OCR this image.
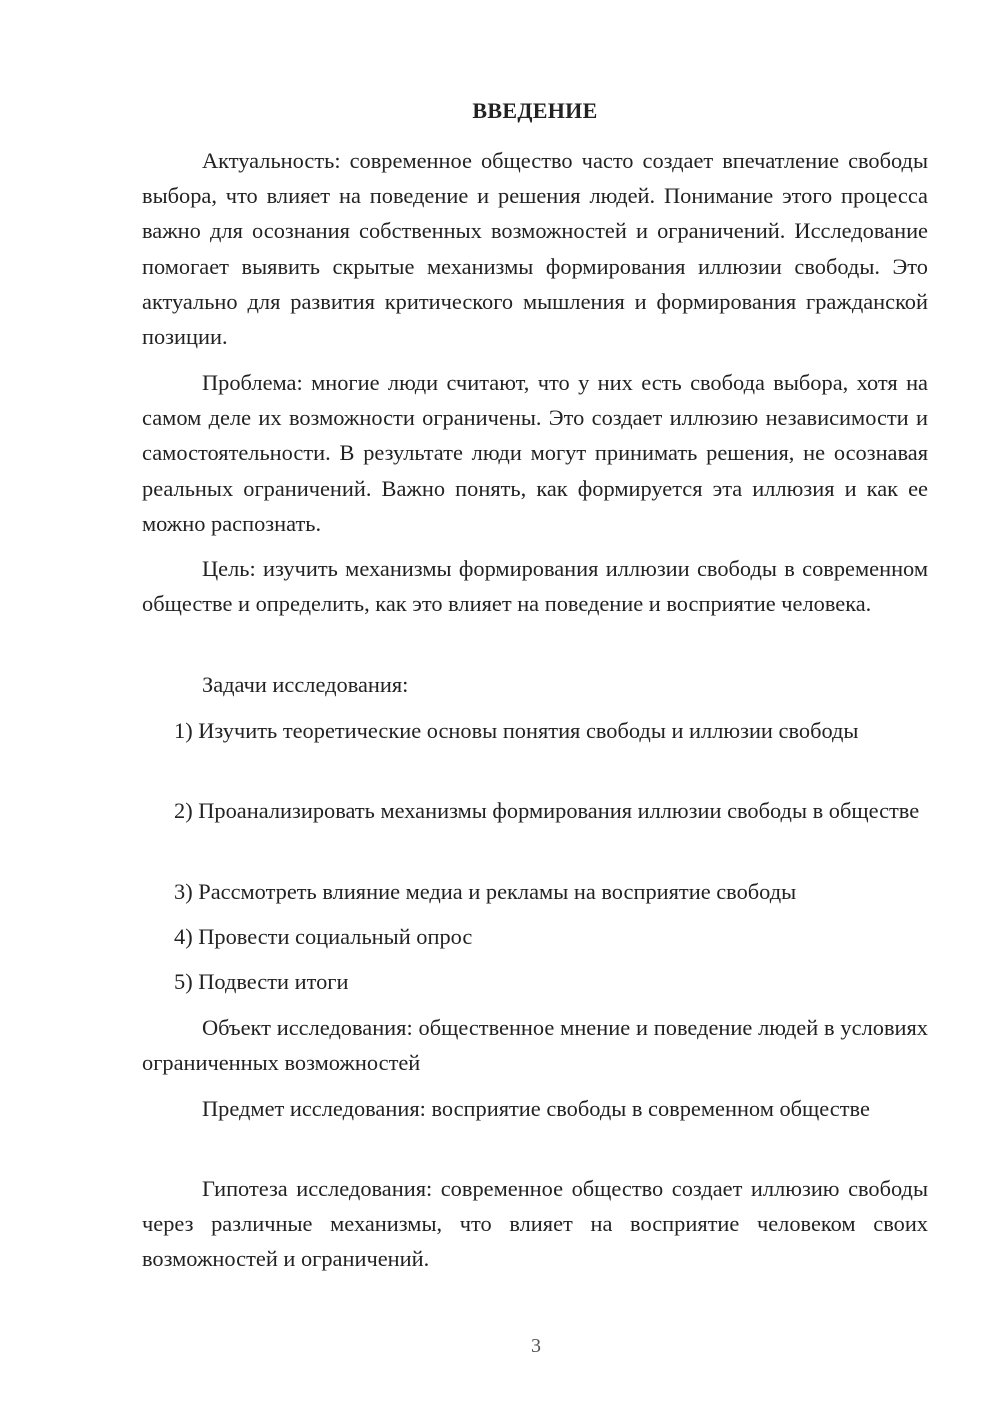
ВВЕДЕНИЕ

Актуальность: современное общество часто создает впечатление свободы выбора, что влияет на поведение и решения людей. Понимание этого процесса важно для осознания собственных возможностей и ограничений. Исследование помогает выявить скрытые механизмы формирования иллюзии свободы. Это актуально для развития критического мышления и формирования гражданской позиции.

Проблема: многие люди считают, что у них есть свобода выбора, хотя на самом деле их возможности ограничены. Это создает иллюзию независимости и самостоятельности. В результате люди могут принимать решения, не осознавая реальных ограничений. Важно понять, как формируется эта иллюзия и как ее можно распознать.

Цель: изучить механизмы формирования иллюзии свободы в современном обществе и определить, как это влияет на поведение и восприятие человека.

Задачи исследования:

1) Изучить теоретические основы понятия свободы и иллюзии свободы

2) Проанализировать механизмы формирования иллюзии свободы в обществе

3) Рассмотреть влияние медиа и рекламы на восприятие свободы

4) Провести социальный опрос

5) Подвести итоги

Объект исследования: общественное мнение и поведение людей в условиях ограниченных возможностей

Предмет исследования: восприятие свободы в современном обществе

Гипотеза исследования: современное общество создает иллюзию свободы через различные механизмы, что влияет на восприятие человеком своих возможностей и ограничений.

3
